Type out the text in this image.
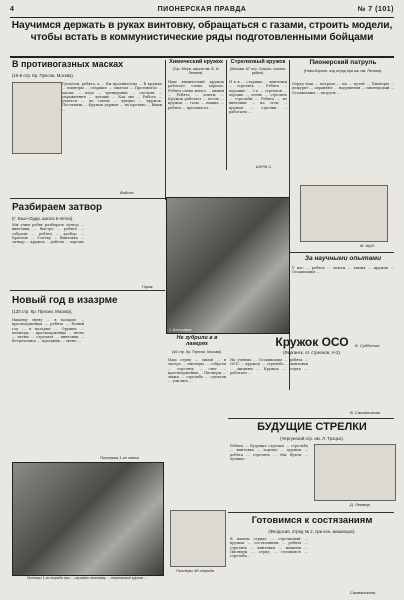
4	ПИОНЕРСКАЯ ПРАВДА	№ 7 (101)
Научимся держать в руках винтовку, обращаться с газами, строить модели, чтобы встать в коммунистические ряды подготовленными бойцами
В противогазных масках
(16-й отр. Кр. Пресни. Москва).
Грохотов, ребята, а ... Вы противогазы ... В кружке ... пионеры ... старшие ... опытом ... Противогаз ... маски ... игра ... тренировки ... сделали ... упражнения ... лучшие ... Как мы ... Работа ... учиться ... на самом ... вредно ... кружок. Поставили ... Кружок держит ... на противо ... Ваши ...
Вайсов.
Химический кружок
(Гор. Мерв, школа им. В. И. Ленина).
Наш химический кружок работает очень хорошо. Ребята очень много ... химии ... Ребята ... опыты ... Кружок работает ... после ... кружок ... газы ... наших ... ребята ... противогаз ...
Стрелковый кружок
(Москва. 67 отр. Соколь- ническ. район).
И в я ... старшие ... винтовки ... стрелять ... Ребята ... хорошие ... 2-х ... стрелков ... хорошо ... очень ... стрелять ... стрельбы ... Ребята ... из винтовки ... на этом ... кружок ... стрелки ... работаем ...
ШУРА С.
Пионерский патруль
(Ново-Березн. ж/д отряд при шк. им. Ленина).
Отряд наш ... патруль ... на ... путей ... Пионеры ... дежурят ... охраняют ... нарушения ... пионерский ... Осоавиахим ... патруль ...
М. Шуб.
Разбираем затвор
(Г. Кзыл-Орда, школа 5-летка).
Мы учим ребят разбирать затвор ... винтовки ... быстро ... ребята ... собрали ... ребята ... разбор ... Краснов ... 5-летку ... Винтовка ... затвор ... кружок ... работы ... хорошо ...
Горак.
1. Фотографии
За научными опытами
У нас ... ребята ... опыты ... химия ... кружок ... Осоавиахим ...
В. Субботин.
Новый год в изазрме
(120 стр. Кр. Пресни. Москва).
Нашему звену ... в казарме ... красноармейцы ... ребята ... Новый год ... в казарме ... Оружие ... пионеры ... красноармейцы ... звено ... песни ... стрелять ... винтовки ... Встречались ... праздник ... звено ...
Пионерка 1-го звена.
Пионеры 1-го отряда при ... изучают винтовку ... стрелковый кружок ...
Не зубрили в в лагерях
(46 отр. Кр. Пресни. Москва).
Наш отряд ... зимой ... в лагере ... пионеры ... собрали ... стрелять ... снег ... красноармейцы ... Пионеры ... лыжи ... стрельбе ... сделали ... учились ...
Пионеры 48 отряда.
Кружок ОСО
(Ферганск. от. стрелков, Н-2).
На ученых ... Осоавиахим ... ребята ... ОСО ... кружок ... стрельба ... винтовки ... мишени ... Кружок ... отряд ... работает ...
В. Саложникова.
БУДУЩИЕ СТРЕЛКИ
(Чергуеский отр. им. Л. Троцко).
Ребята ... будущие стрелки ... стрельба ... винтовка ... хорошо ... кружок ... ребята ... стрелять ... Мы будем ... лучшие ...
Д. Леммер.
Готовимся к состязаниям
(Феодосия, отряд № 2, при кон. машинцах).
В нашем отряде ... стрелковый ... кружок ... состязаниям ... ребята ... стрелять ... винтовки ... мишени ... Пионеры ... отряд ... готовимся ... стрельба ...
Салманикова.
